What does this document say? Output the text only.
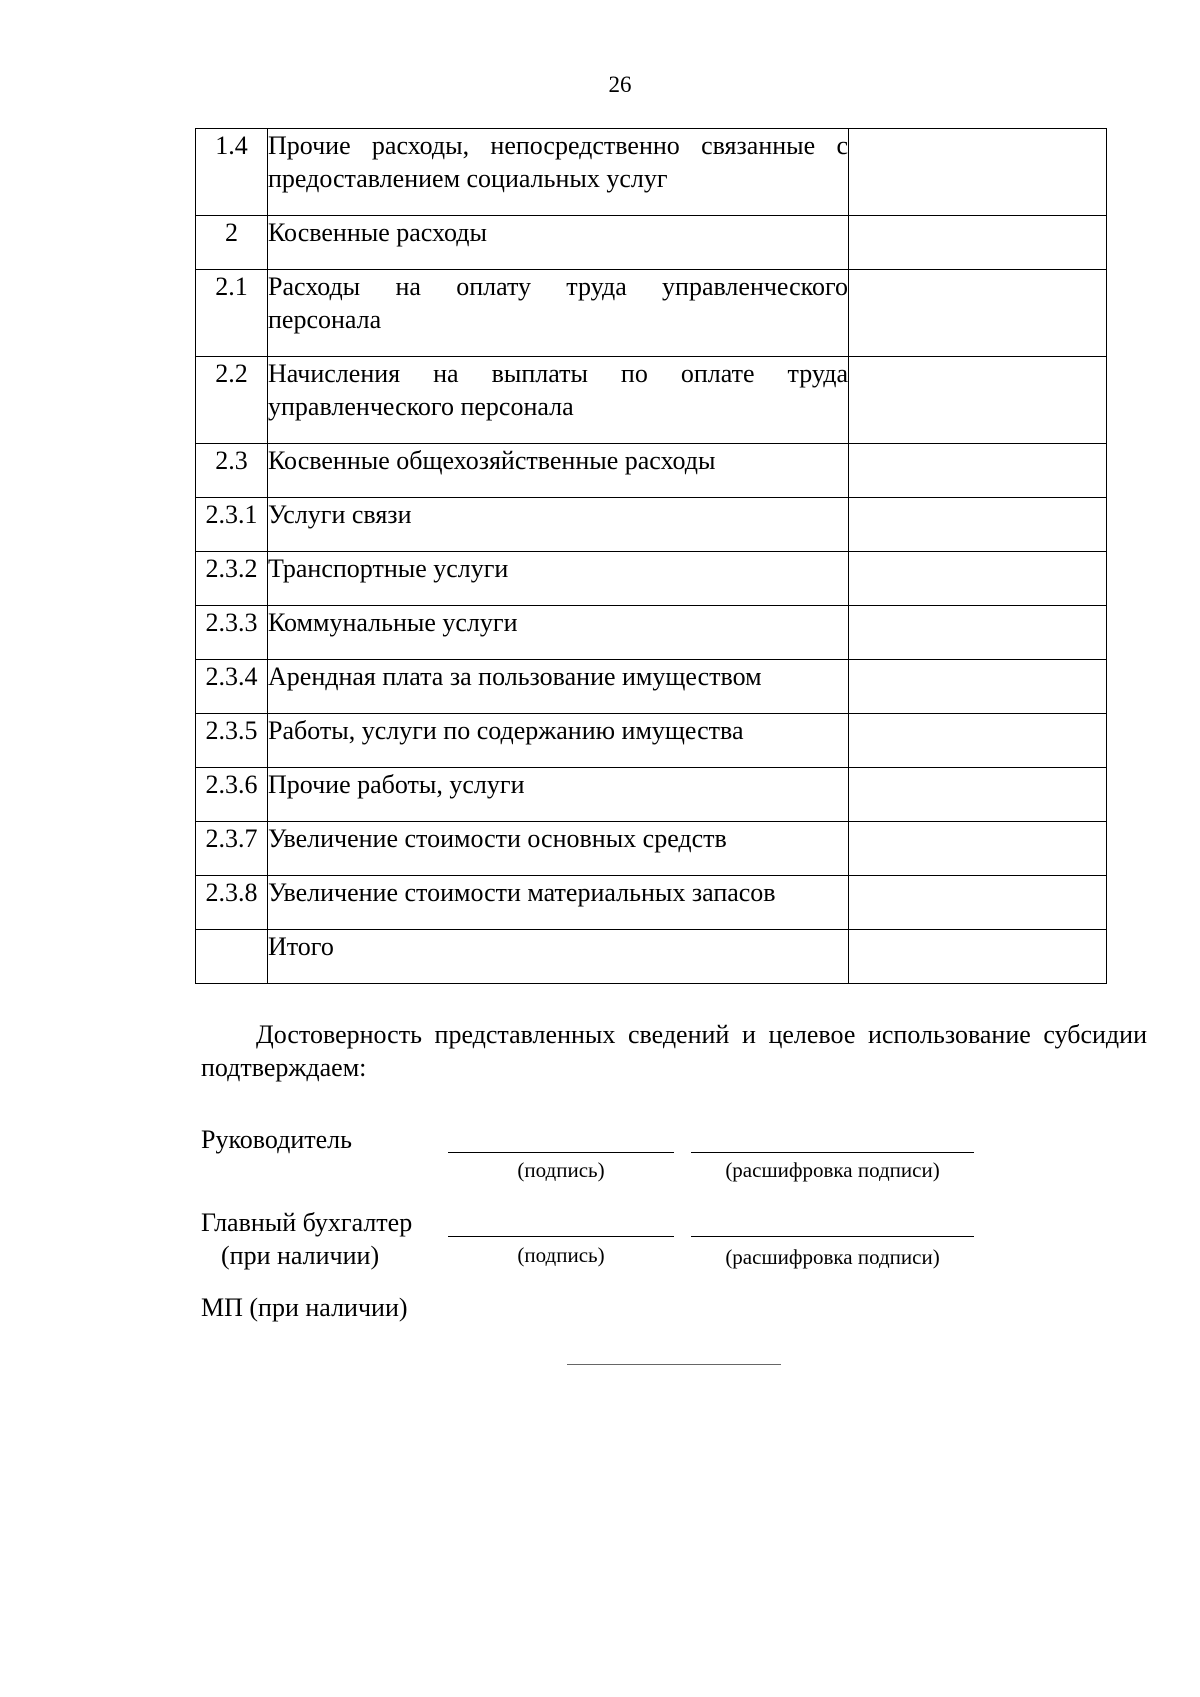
26
1.4	Прочие расходы, непосредственно связанные с предоставлением социальных услуг	
2	Косвенные расходы	
2.1	Расходы на оплату труда управленческого персонала	
2.2	Начисления на выплаты по оплате труда управленческого персонала	
2.3	Косвенные общехозяйственные расходы	
2.3.1	Услуги связи	
2.3.2	Транспортные услуги	
2.3.3	Коммунальные услуги	
2.3.4	Арендная плата за пользование имуществом	
2.3.5	Работы, услуги по содержанию имущества	
2.3.6	Прочие работы, услуги	
2.3.7	Увеличение стоимости основных средств	
2.3.8	Увеличение стоимости материальных запасов	
	Итого	
Достоверность представленных сведений и целевое использование субсидии подтверждаем:
Руководитель
(подпись)	(расшифровка подписи)
Главный бухгалтер
(при наличии)	(подпись)	(расшифровка подписи)
МП (при наличии)
